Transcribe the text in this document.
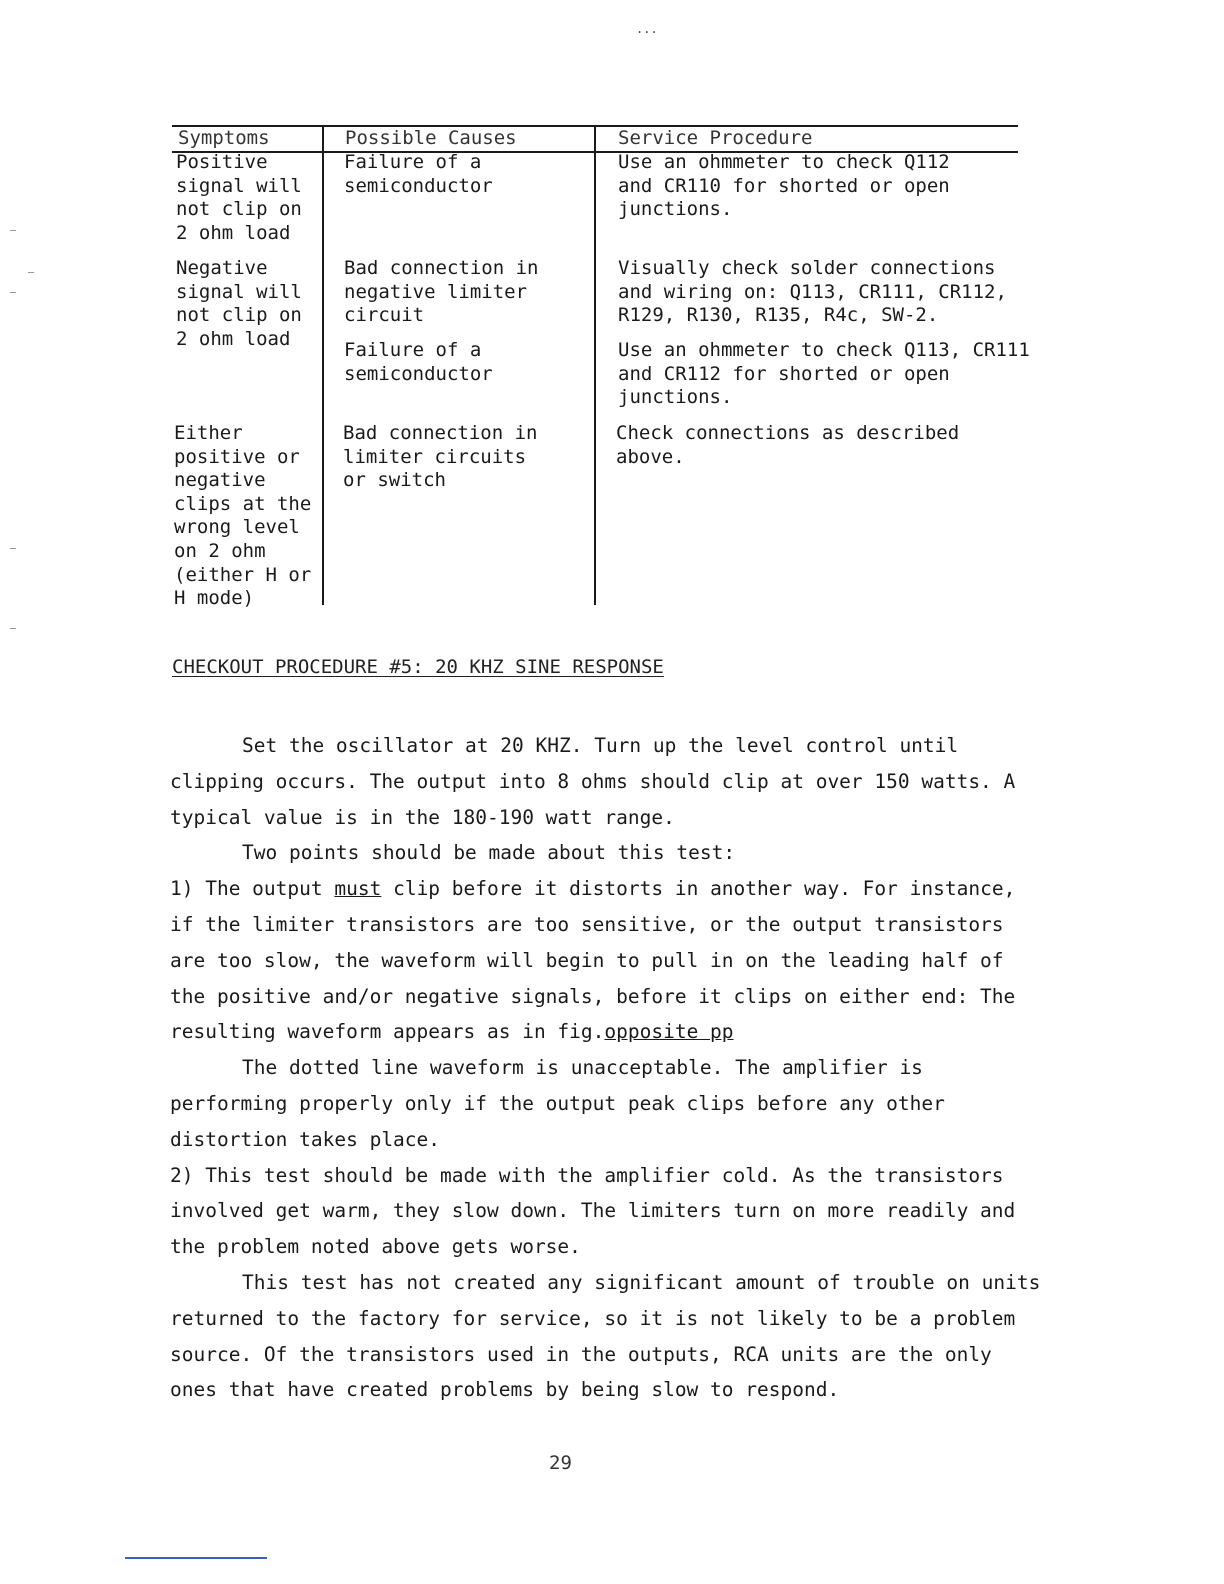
...
Symptoms	Possible Causes	Service Procedure
Positive
signal will
not clip on
2 ohm load
Failure of a
semiconductor
Use an ohmmeter to check Q112
and CR110 for shorted or open
junctions.
Negative
signal will
not clip on
2 ohm load
Bad connection in
negative limiter
circuit
Visually check solder connections
and wiring on: Q113, CR111, CR112,
R129, R130, R135, R4c, SW-2.
Failure of a
semiconductor
Use an ohmmeter to check Q113, CR111
and CR112 for shorted or open
junctions.
Either
positive or
negative
clips at the
wrong level
on 2 ohm
(either H or
H mode)
Bad connection in
limiter circuits
or switch
Check connections as described
above.
CHECKOUT PROCEDURE #5: 20 KHZ SINE RESPONSE

Set the oscillator at 20 KHZ. Turn up the level control until clipping occurs. The output into 8 ohms should clip at over 150 watts. A typical value is in the 180-190 watt range.

Two points should be made about this test:

1) The output must clip before it distorts in another way. For instance, if the limiter transistors are too sensitive, or the output transistors are too slow, the waveform will begin to pull in on the leading half of the positive and/or negative signals, before it clips on either end: The resulting waveform appears as in fig.opposite pp

The dotted line waveform is unacceptable. The amplifier is performing properly only if the output peak clips before any other distortion takes place.

2) This test should be made with the amplifier cold. As the transistors involved get warm, they slow down. The limiters turn on more readily and the problem noted above gets worse.

This test has not created any significant amount of trouble on units returned to the factory for service, so it is not likely to be a problem source. Of the transistors used in the outputs, RCA units are the only ones that have created problems by being slow to respond.

29
